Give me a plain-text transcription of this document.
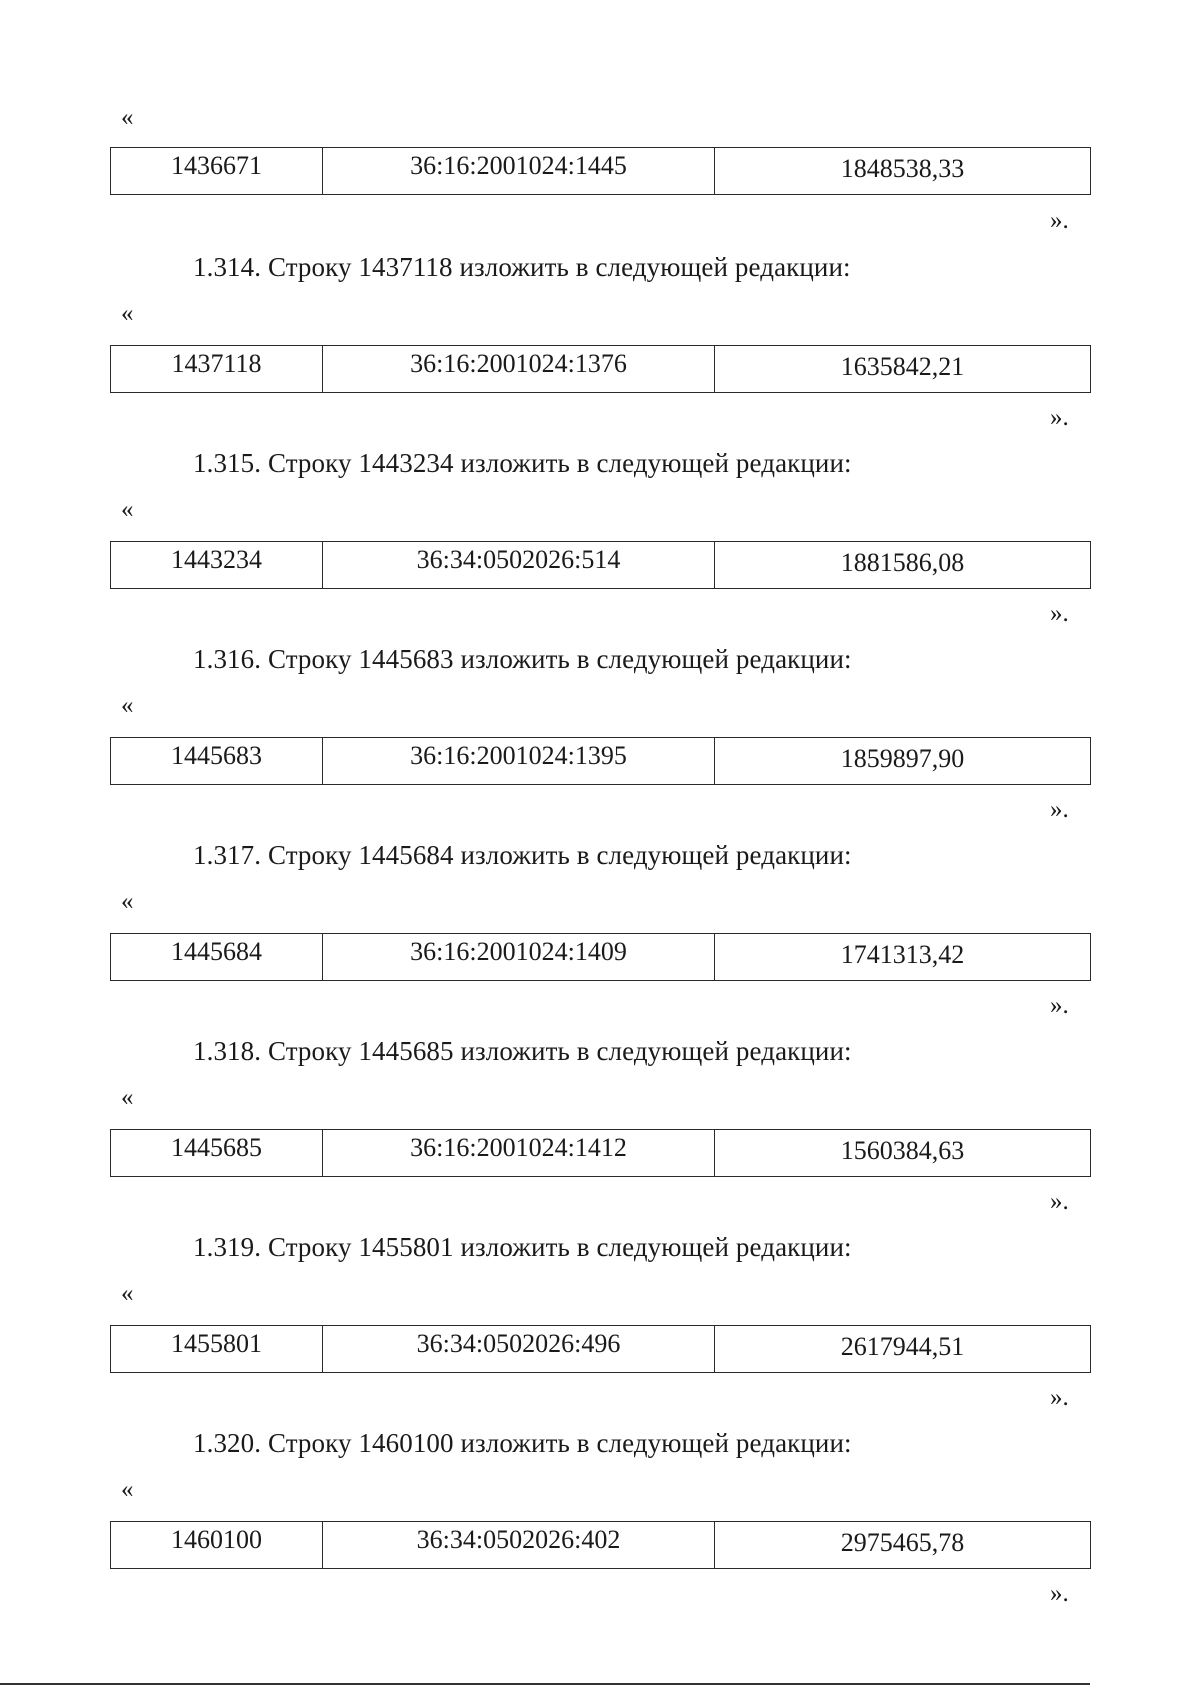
«
1436671	36:16:2001024:1445	1848538,33
».
1.314. Строку 1437118 изложить в следующей редакции:
«
1437118	36:16:2001024:1376	1635842,21
».
1.315. Строку 1443234 изложить в следующей редакции:
«
1443234	36:34:0502026:514	1881586,08
».
1.316. Строку 1445683 изложить в следующей редакции:
«
1445683	36:16:2001024:1395	1859897,90
».
1.317. Строку 1445684 изложить в следующей редакции:
«
1445684	36:16:2001024:1409	1741313,42
».
1.318. Строку 1445685 изложить в следующей редакции:
«
1445685	36:16:2001024:1412	1560384,63
».
1.319. Строку 1455801 изложить в следующей редакции:
«
1455801	36:34:0502026:496	2617944,51
».
1.320. Строку 1460100 изложить в следующей редакции:
«
1460100	36:34:0502026:402	2975465,78
».
